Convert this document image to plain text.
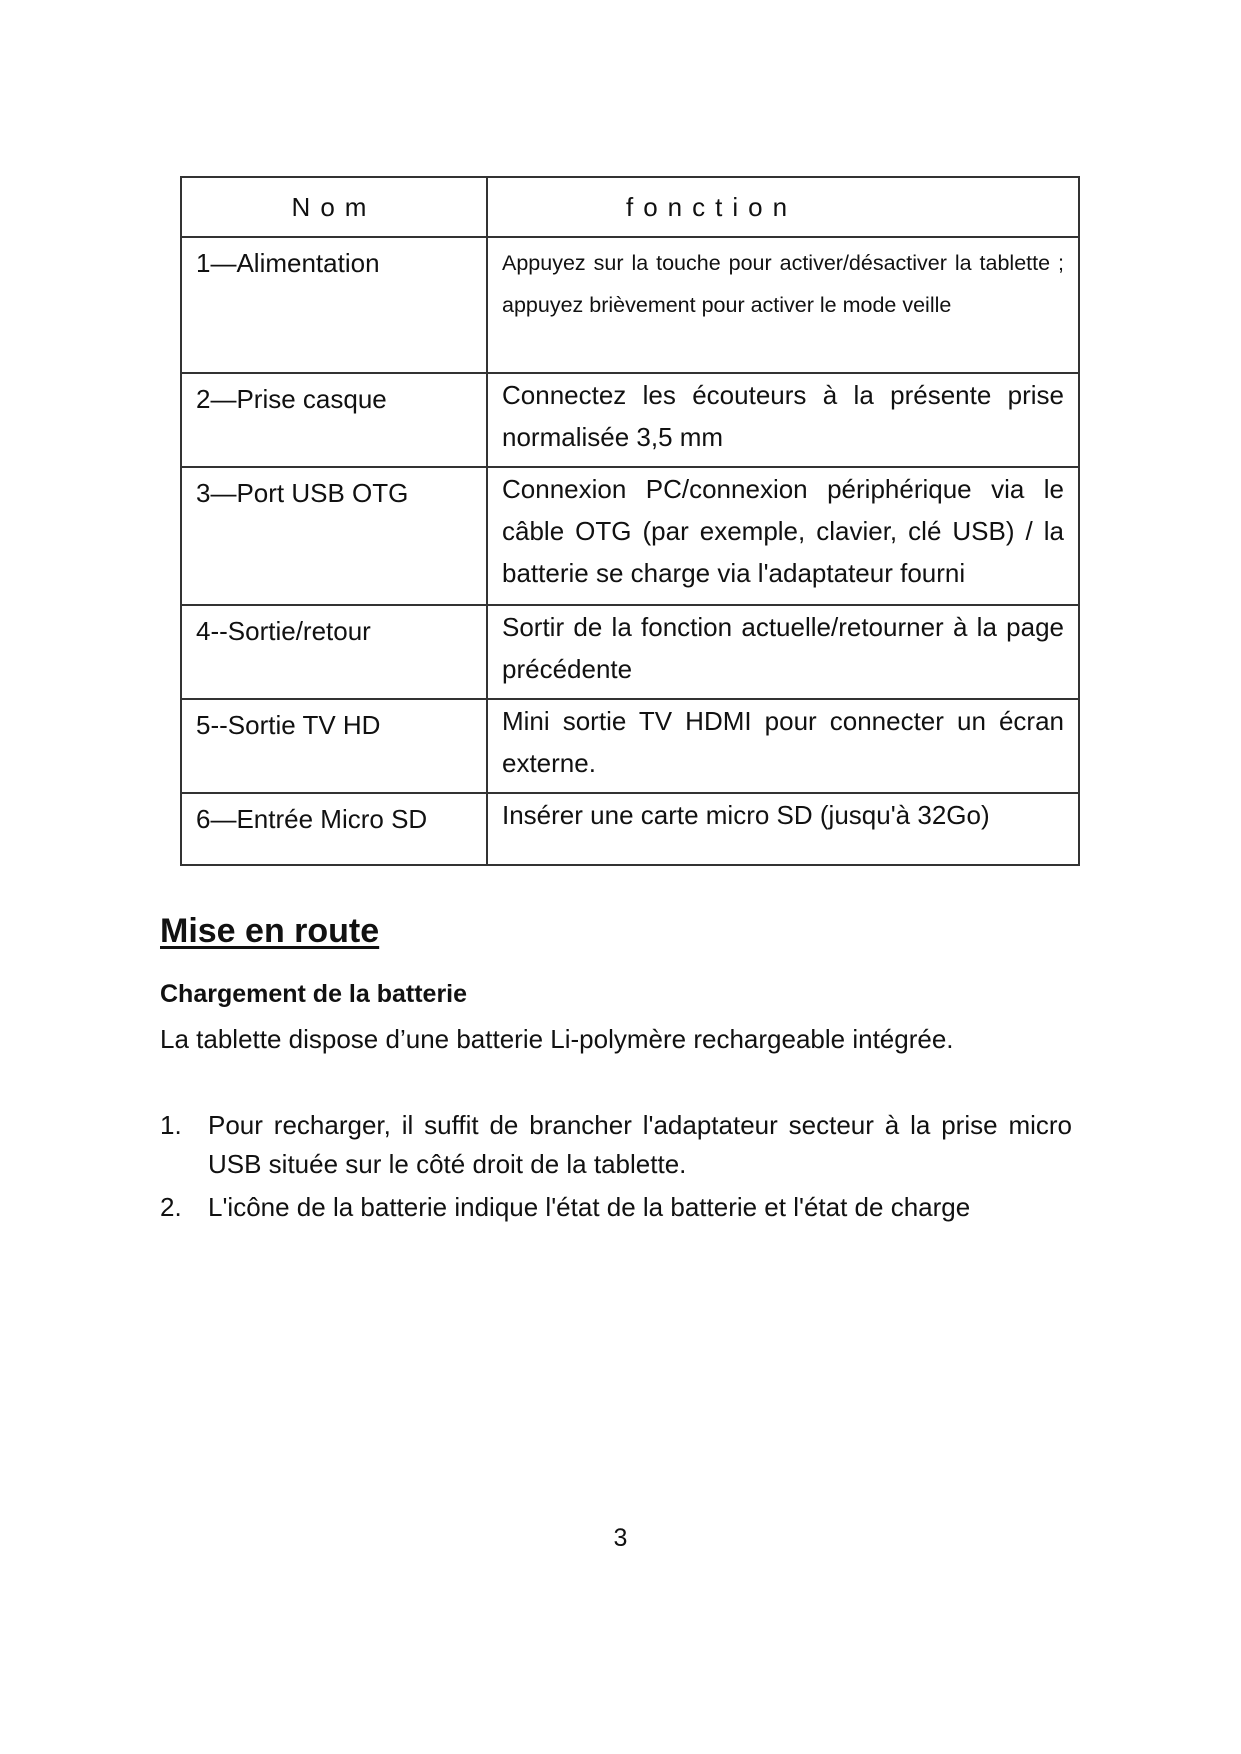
Nom	fonction
1—Alimentation	Appuyez sur la touche pour activer/désactiver la tablette ; appuyez brièvement pour activer le mode veille
2—Prise casque	Connectez les écouteurs à la présente prise normalisée 3,5 mm
3—Port USB OTG	Connexion PC/connexion périphérique via le câble OTG (par exemple, clavier, clé USB) / la batterie se charge via l'adaptateur fourni
4--Sortie/retour	Sortir de la fonction actuelle/retourner à la page précédente
5--Sortie TV HD	Mini sortie TV HDMI pour connecter un écran externe.
6—Entrée Micro SD	Insérer une carte micro SD (jusqu'à 32Go)
Mise en route
Chargement de la batterie

La tablette dispose d’une batterie Li-polymère rechargeable intégrée.

1. Pour recharger, il suffit de brancher l'adaptateur secteur à la prise micro USB située sur le côté droit de la tablette.
2. L'icône de la batterie indique l'état de la batterie et l'état de charge
3
